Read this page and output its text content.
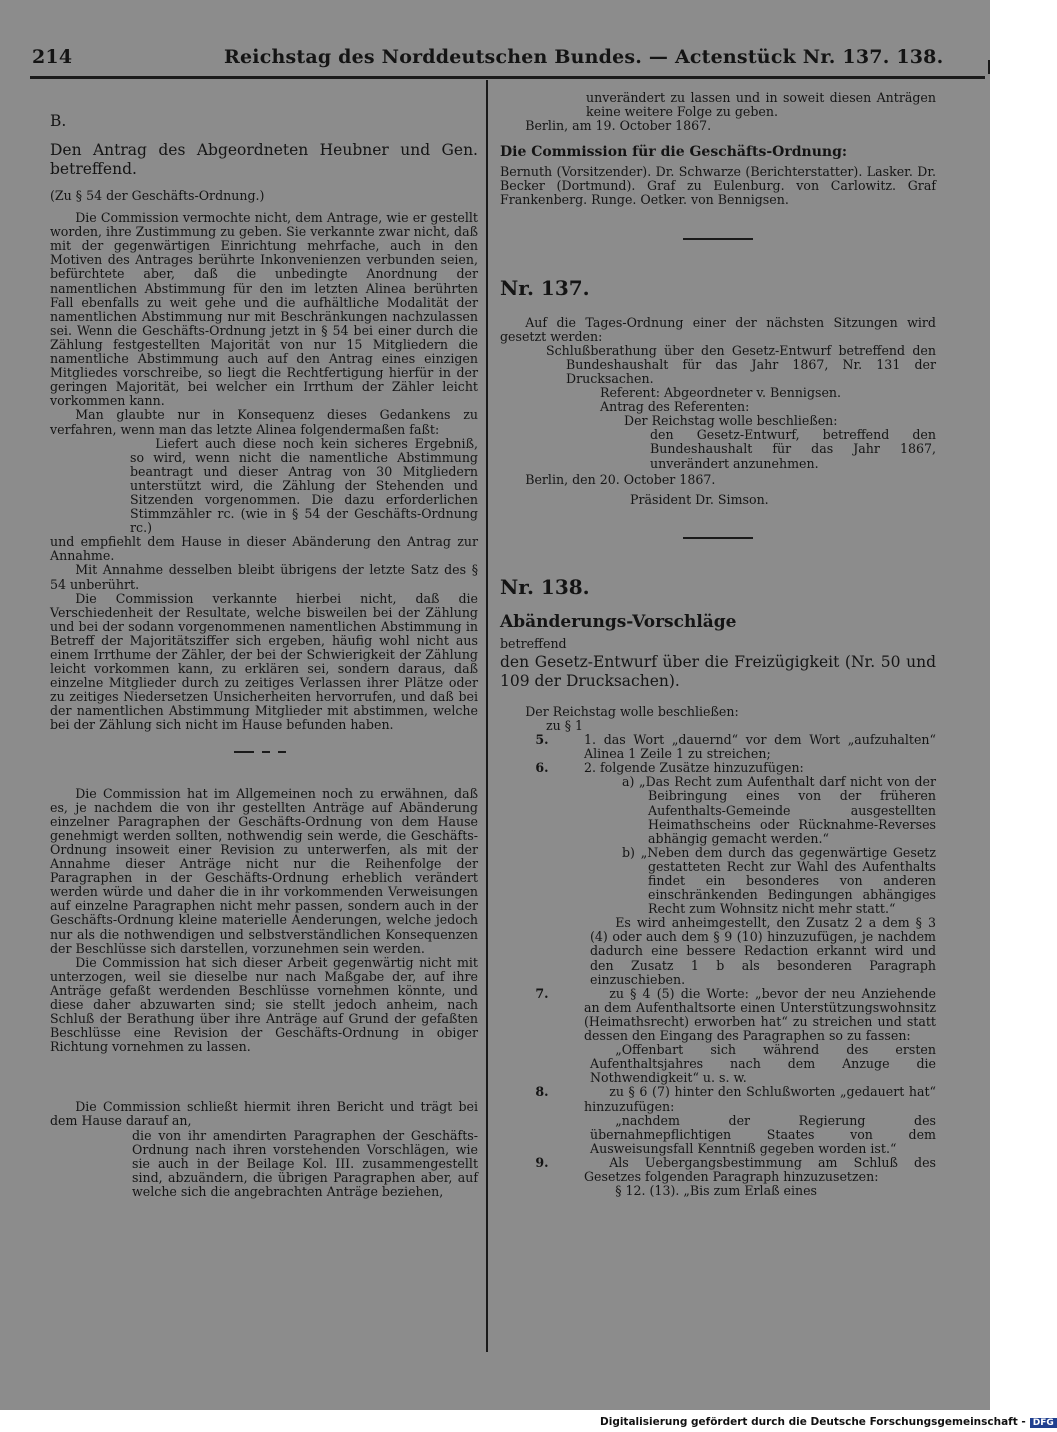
214	Reichstag des Norddeutschen Bundes. — Actenstück Nr. 137. 138.

B.

Den Antrag des Abgeordneten Heubner und Gen. betreffend.

(Zu § 54 der Geschäfts-Ordnung.)

Die Commission vermochte nicht, dem Antrage, wie er gestellt worden, ihre Zustimmung zu geben. Sie verkannte zwar nicht, daß mit der gegenwärtigen Einrichtung mehrfache, auch in den Motiven des Antrages berührte Inkonvenienzen verbunden seien, befürchtete aber, daß die unbedingte Anordnung der namentlichen Abstimmung für den im letzten Alinea berührten Fall ebenfalls zu weit gehe und die aufhältliche Modalität der namentlichen Abstimmung nur mit Beschränkungen nachzulassen sei. Wenn die Geschäfts-Ordnung jetzt in § 54 bei einer durch die Zählung festgestellten Majorität von nur 15 Mitgliedern die namentliche Abstimmung auch auf den Antrag eines einzigen Mitgliedes vorschreibe, so liegt die Rechtfertigung hierfür in der geringen Majorität, bei welcher ein Irrthum der Zähler leicht vorkommen kann.

Man glaubte nur in Konsequenz dieses Gedankens zu verfahren, wenn man das letzte Alinea folgendermaßen faßt:

Liefert auch diese noch kein sicheres Ergebniß, so wird, wenn nicht die namentliche Abstimmung beantragt und dieser Antrag von 30 Mitgliedern unterstützt wird, die Zählung der Stehenden und Sitzenden vorgenommen. Die dazu erforderlichen Stimmzähler rc. (wie in § 54 der Geschäfts-Ordnung rc.)

und empfiehlt dem Hause in dieser Abänderung den Antrag zur Annahme.

Mit Annahme desselben bleibt übrigens der letzte Satz des § 54 unberührt.

Die Commission verkannte hierbei nicht, daß die Verschiedenheit der Resultate, welche bisweilen bei der Zählung und bei der sodann vorgenommenen namentlichen Abstimmung in Betreff der Majoritätsziffer sich ergeben, häufig wohl nicht aus einem Irrthume der Zähler, der bei der Schwierigkeit der Zählung leicht vorkommen kann, zu erklären sei, sondern daraus, daß einzelne Mitglieder durch zu zeitiges Verlassen ihrer Plätze oder zu zeitiges Niedersetzen Unsicherheiten hervorrufen, und daß bei der namentlichen Abstimmung Mitglieder mit abstimmen, welche bei der Zählung sich nicht im Hause befunden haben.

Die Commission hat im Allgemeinen noch zu erwähnen, daß es, je nachdem die von ihr gestellten Anträge auf Abänderung einzelner Paragraphen der Geschäfts-Ordnung von dem Hause genehmigt werden sollten, nothwendig sein werde, die Geschäfts-Ordnung insoweit einer Revision zu unterwerfen, als mit der Annahme dieser Anträge nicht nur die Reihenfolge der Paragraphen in der Geschäfts-Ordnung erheblich verändert werden würde und daher die in ihr vorkommenden Verweisungen auf einzelne Paragraphen nicht mehr passen, sondern auch in der Geschäfts-Ordnung kleine materielle Aenderungen, welche jedoch nur als die nothwendigen und selbstverständlichen Konsequenzen der Beschlüsse sich darstellen, vorzunehmen sein werden.

Die Commission hat sich dieser Arbeit gegenwärtig nicht mit unterzogen, weil sie dieselbe nur nach Maßgabe der, auf ihre Anträge gefaßt werdenden Beschlüsse vornehmen könnte, und diese daher abzuwarten sind; sie stellt jedoch anheim, nach Schluß der Berathung über ihre Anträge auf Grund der gefaßten Beschlüsse eine Revision der Geschäfts-Ordnung in obiger Richtung vornehmen zu lassen.

Die Commission schließt hiermit ihren Bericht und trägt bei dem Hause darauf an,

die von ihr amendirten Paragraphen der Geschäfts-Ordnung nach ihren vorstehenden Vorschlägen, wie sie auch in der Beilage Kol. III. zusammengestellt sind, abzuändern, die übrigen Paragraphen aber, auf welche sich die angebrachten Anträge beziehen,

unverändert zu lassen und in soweit diesen Anträgen keine weitere Folge zu geben.

Berlin, am 19. October 1867.

Die Commission für die Geschäfts-Ordnung:

Bernuth (Vorsitzender). Dr. Schwarze (Berichterstatter). Lasker. Dr. Becker (Dortmund). Graf zu Eulenburg. von Carlowitz. Graf Frankenberg. Runge. Oetker. von Bennigsen.

Nr. 137.

Auf die Tages-Ordnung einer der nächsten Sitzungen wird gesetzt werden:

Schlußberathung über den Gesetz-Entwurf betreffend den Bundeshaushalt für das Jahr 1867, Nr. 131 der Drucksachen.

Referent: Abgeordneter v. Bennigsen.

Antrag des Referenten:

Der Reichstag wolle beschließen:

den Gesetz-Entwurf, betreffend den Bundeshaushalt für das Jahr 1867, unverändert anzunehmen.

Berlin, den 20. October 1867.

Präsident Dr. Simson.

Nr. 138.

Abänderungs-Vorschläge

betreffend

den Gesetz-Entwurf über die Freizügigkeit (Nr. 50 und 109 der Drucksachen).

Der Reichstag wolle beschließen:

zu § 1

5.	1. das Wort „dauernd“ vor dem Wort „aufzuhalten“ Alinea 1 Zeile 1 zu streichen;
6.	2. folgende Zusätze hinzuzufügen:

a) „Das Recht zum Aufenthalt darf nicht von der Beibringung eines von der früheren Aufenthalts-Gemeinde ausgestellten Heimathscheins oder Rücknahme-Reverses abhängig gemacht werden.“

b) „Neben dem durch das gegenwärtige Gesetz gestatteten Recht zur Wahl des Aufenthalts findet ein besonderes von anderen einschränkenden Bedingungen abhängiges Recht zum Wohnsitz nicht mehr statt.“

Es wird anheimgestellt, den Zusatz 2 a dem § 3 (4) oder auch dem § 9 (10) hinzuzufügen, je nachdem dadurch eine bessere Redaction erkannt wird und den Zusatz 1 b als besonderen Paragraph einzuschieben.

7.	zu § 4 (5) die Worte: „bevor der neu Anziehende an dem Aufenthaltsorte einen Unterstützungswohnsitz (Heimathsrecht) erworben hat“ zu streichen und statt dessen den Eingang des Paragraphen so zu fassen:

„Offenbart sich während des ersten Aufenthaltsjahres nach dem Anzuge die Nothwendigkeit“ u. s. w.

8.	zu § 6 (7) hinter den Schlußworten „gedauert hat“ hinzuzufügen:

„nachdem der Regierung des übernahmepflichtigen Staates von dem Ausweisungsfall Kenntniß gegeben worden ist.“

9.	Als Uebergangsbestimmung am Schluß des Gesetzes folgenden Paragraph hinzuzusetzen:

§ 12. (13). „Bis zum Erlaß eines

Digitalisierung gefördert durch die Deutsche Forschungsgemeinschaft - DFG
